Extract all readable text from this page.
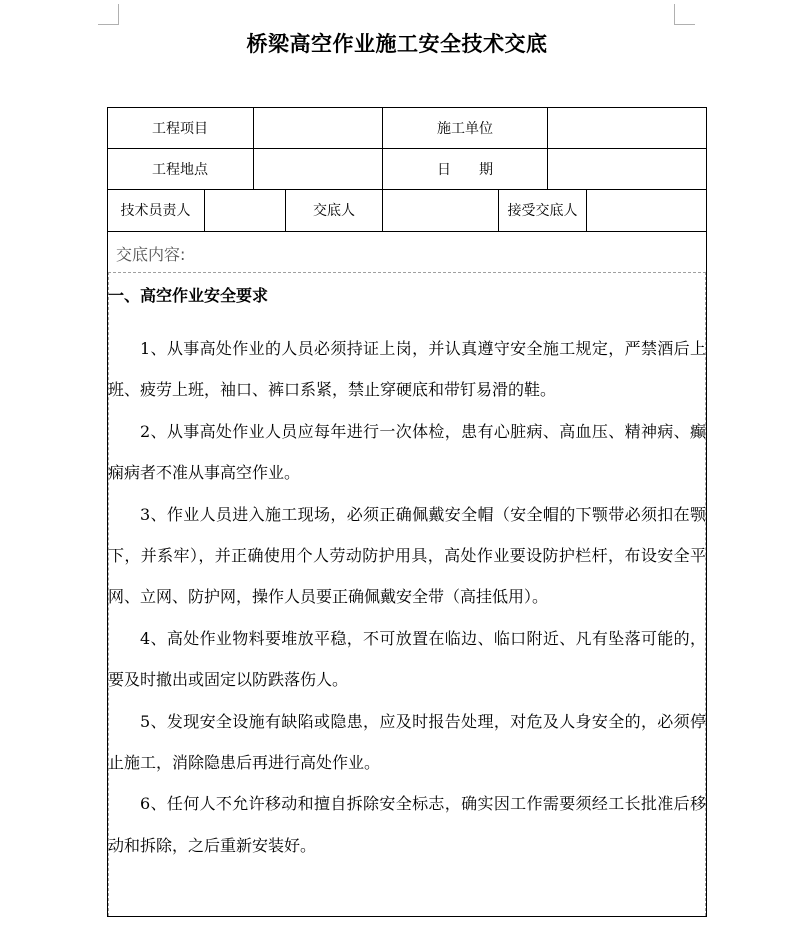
桥梁高空作业施工安全技术交底
工程项目	施工单位
工程地点	日　　期
技术员责人	交底人	接受交底人
交底内容:
一、高空作业安全要求

1、从事高处作业的人员必须持证上岗，并认真遵守安全施工规定，严禁酒后上班、疲劳上班，袖口、裤口系紧，禁止穿硬底和带钉易滑的鞋。

2、从事高处作业人员应每年进行一次体检，患有心脏病、高血压、精神病、癫痫病者不准从事高空作业。

3、作业人员进入施工现场，必须正确佩戴安全帽（安全帽的下颚带必须扣在颚下，并系牢），并正确使用个人劳动防护用具，高处作业要设防护栏杆，布设安全平网、立网、防护网，操作人员要正确佩戴安全带（高挂低用）。

4、高处作业物料要堆放平稳，不可放置在临边、临口附近、凡有坠落可能的，要及时撤出或固定以防跌落伤人。

5、发现安全设施有缺陷或隐患，应及时报告处理，对危及人身安全的，必须停止施工，消除隐患后再进行高处作业。

6、任何人不允许移动和擅自拆除安全标志，确实因工作需要须经工长批准后移动和拆除，之后重新安装好。
